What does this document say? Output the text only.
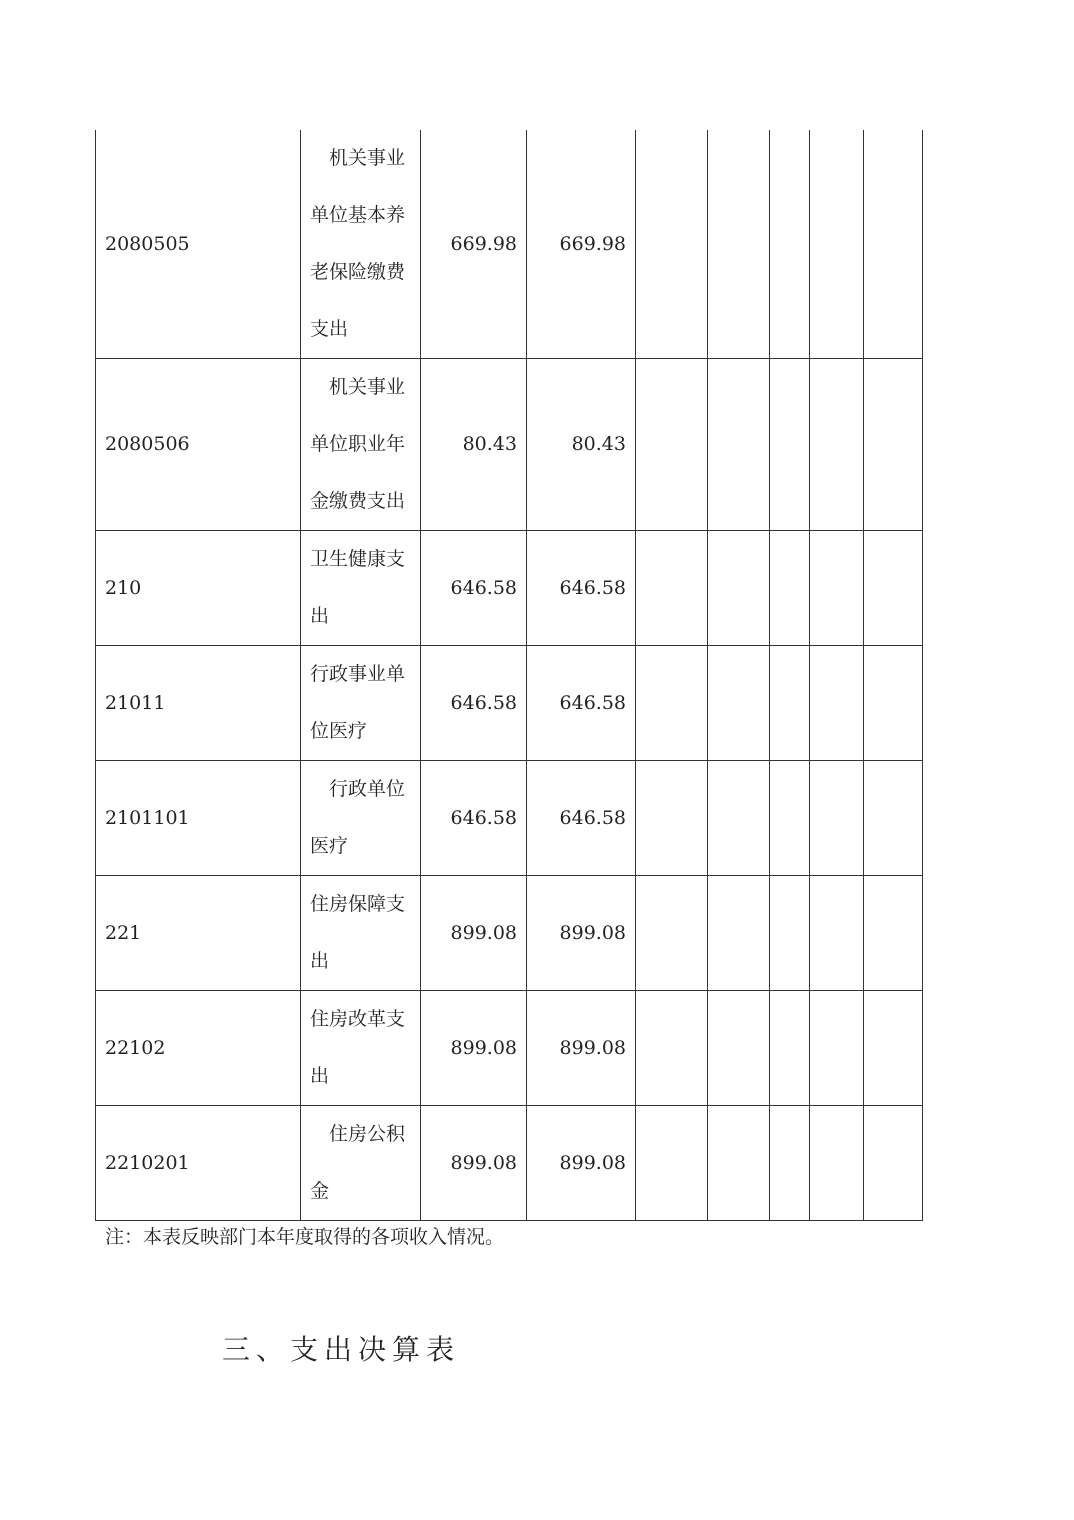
2080505	机关事业单位基本养老保险缴费支出	669.98	669.98					
2080506	机关事业单位职业年金缴费支出	80.43	80.43					
210	卫生健康支出	646.58	646.58					
21011	行政事业单位医疗	646.58	646.58					
2101101	行政单位医疗	646.58	646.58					
221	住房保障支出	899.08	899.08					
22102	住房改革支出	899.08	899.08					
2210201	住房公积金	899.08	899.08					
注：本表反映部门本年度取得的各项收入情况。
三、支出决算表
